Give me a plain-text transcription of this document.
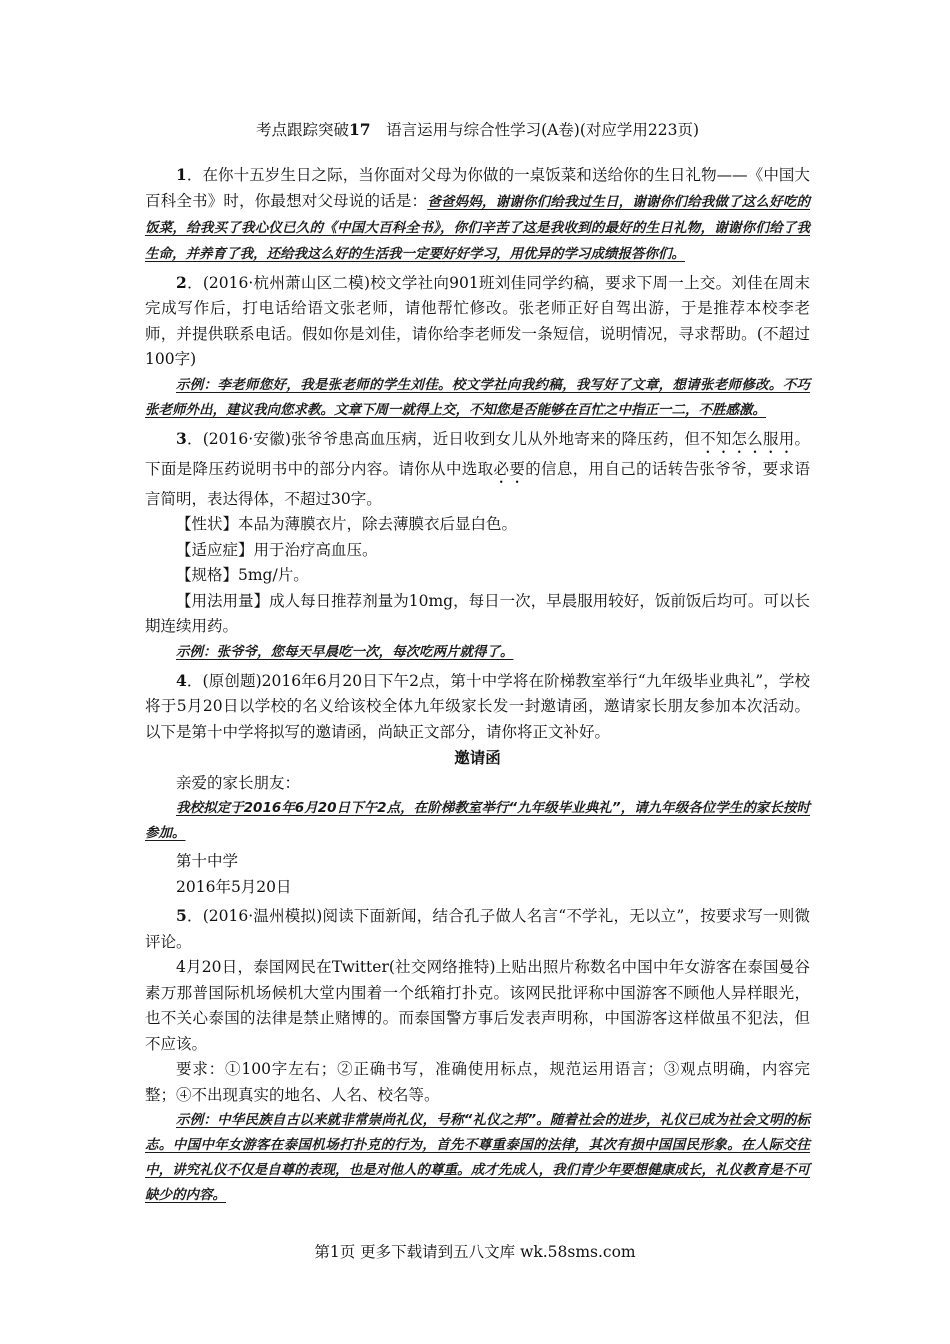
考点跟踪突破17　 语言运用与综合性学习(A卷)(对应学用223页)

1．在你十五岁生日之际，当你面对父母为你做的一桌饭菜和送给你的生日礼物——《中国大百科全书》时，你最想对父母说的话是：爸爸妈妈，谢谢你们给我过生日，谢谢你们给我做了这么好吃的饭菜，给我买了我心仪已久的《中国大百科全书》，你们辛苦了这是我收到的最好的生日礼物，谢谢你们给了我生命，并养育了我，还给我这么好的生活我一定要好好学习，用优异的学习成绩报答你们。

2．(2016·杭州萧山区二模)校文学社向901班刘佳同学约稿，要求下周一上交。刘佳在周末完成写作后，打电话给语文张老师，请他帮忙修改。张老师正好自驾出游，于是推荐本校李老师，并提供联系电话。假如你是刘佳，请你给李老师发一条短信，说明情况，寻求帮助。(不超过100字)

示例：李老师您好，我是张老师的学生刘佳。校文学社向我约稿，我写好了文章，想请张老师修改。不巧张老师外出，建议我向您求教。文章下周一就得上交，不知您是否能够在百忙之中指正一二，不胜感激。

3．(2016·安徽)张爷爷患高血压病，近日收到女儿从外地寄来的降压药，但不知怎么服用。下面是降压药说明书中的部分内容。请你从中选取必要的信息，用自己的话转告张爷爷，要求语言简明，表达得体，不超过30字。

【性状】本品为薄膜衣片，除去薄膜衣后显白色。

【适应症】用于治疗高血压。

【规格】5mg/片。

【用法用量】成人每日推荐剂量为10mg，每日一次，早晨服用较好，饭前饭后均可。可以长期连续用药。

示例：张爷爷，您每天早晨吃一次，每次吃两片就得了。

4．(原创题)2016年6月20日下午2点，第十中学将在阶梯教室举行“九年级毕业典礼”，学校将于5月20日以学校的名义给该校全体九年级家长发一封邀请函，邀请家长朋友参加本次活动。以下是第十中学将拟写的邀请函，尚缺正文部分，请你将正文补好。

邀请函

亲爱的家长朋友：

我校拟定于2016年6月20日下午2点，在阶梯教室举行“九年级毕业典礼”，请九年级各位学生的家长按时参加。

第十中学

2016年5月20日

5．(2016·温州模拟)阅读下面新闻，结合孔子做人名言“不学礼，无以立”，按要求写一则微评论。

4月20日，泰国网民在Twitter(社交网络推特)上贴出照片称数名中国中年女游客在泰国曼谷素万那普国际机场候机大堂内围着一个纸箱打扑克。该网民批评称中国游客不顾他人异样眼光，也不关心泰国的法律是禁止赌博的。而泰国警方事后发表声明称，中国游客这样做虽不犯法，但不应该。

要求：①100字左右；②正确书写，准确使用标点，规范运用语言；③观点明确，内容完整；④不出现真实的地名、人名、校名等。

示例：中华民族自古以来就非常崇尚礼仪，号称“礼仪之邦”。随着社会的进步，礼仪已成为社会文明的标志。中国中年女游客在泰国机场打扑克的行为，首先不尊重泰国的法律，其次有损中国国民形象。在人际交往中，讲究礼仪不仅是自尊的表现，也是对他人的尊重。成才先成人，我们青少年要想健康成长，礼仪教育是不可缺少的内容。

第1页 更多下载请到五八文库 wk.58sms.com
